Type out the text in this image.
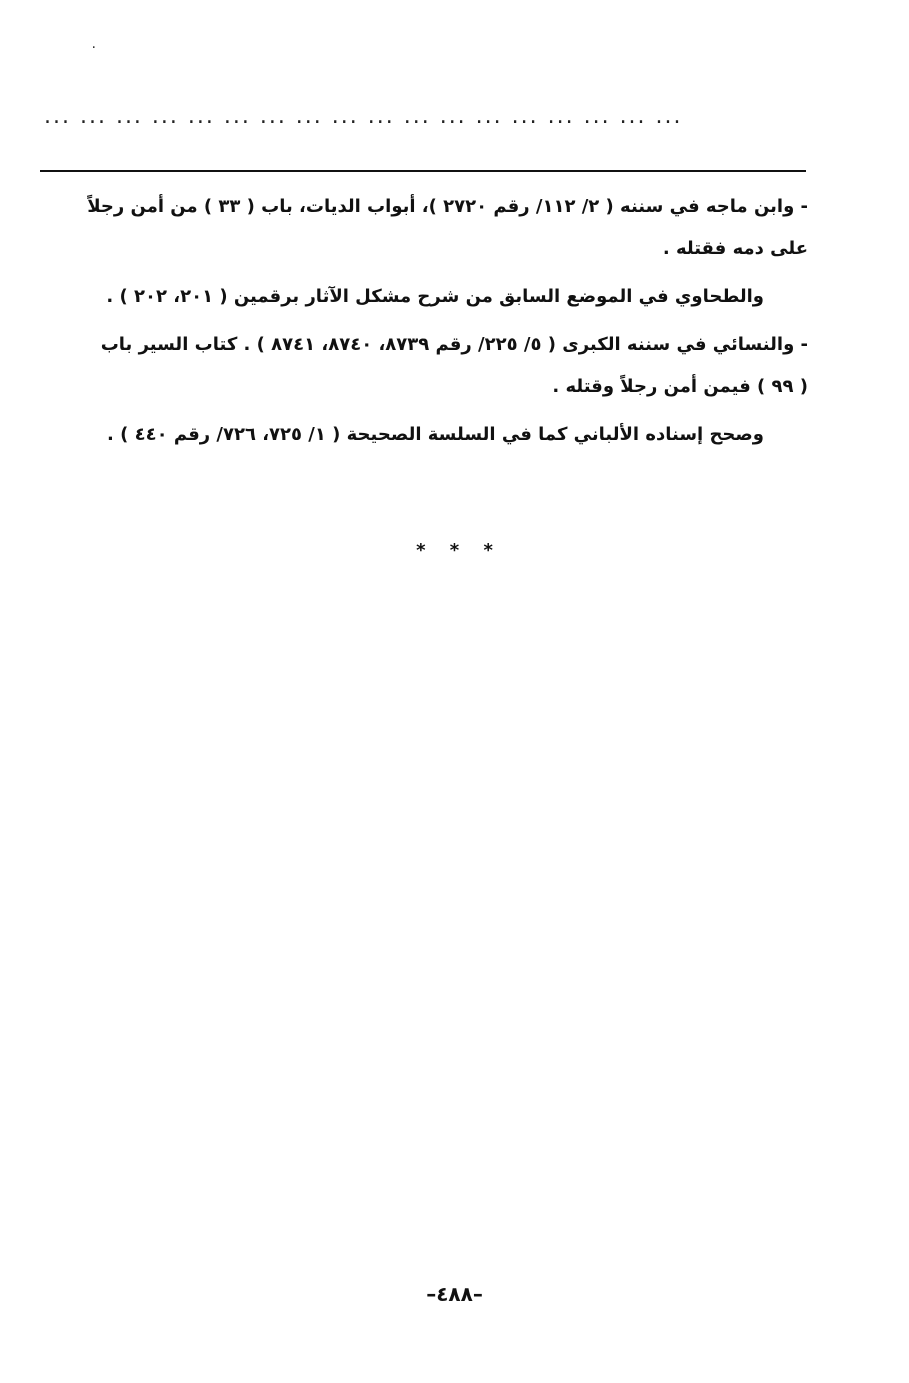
٠
... ... ... ... ... ... ... ... ... ... ... ... ... ... ... ... ... ...

- وابن ماجه في سننه ( ٢/ ١١٢/ رقم ٢٧٢٠ )، أبواب الديات، باب ( ٣٣ ) من أمن رجلاً
على دمه فقتله .

والطحاوي في الموضع السابق من شرح مشكل الآثار برقمين ( ٢٠١، ٢٠٢ ) .

- والنسائي في سننه الكبرى ( ٥/ ٢٢٥/ رقم ٨٧٣٩، ٨٧٤٠، ٨٧٤١ ) . كتاب السير باب
( ٩٩ ) فيمن أمن رجلاً وقتله .

وصحح إسناده الألباني كما في السلسة الصحيحة ( ١/ ٧٢٥، ٧٢٦/ رقم ٤٤٠ ) .

* * *
–٤٨٨–
